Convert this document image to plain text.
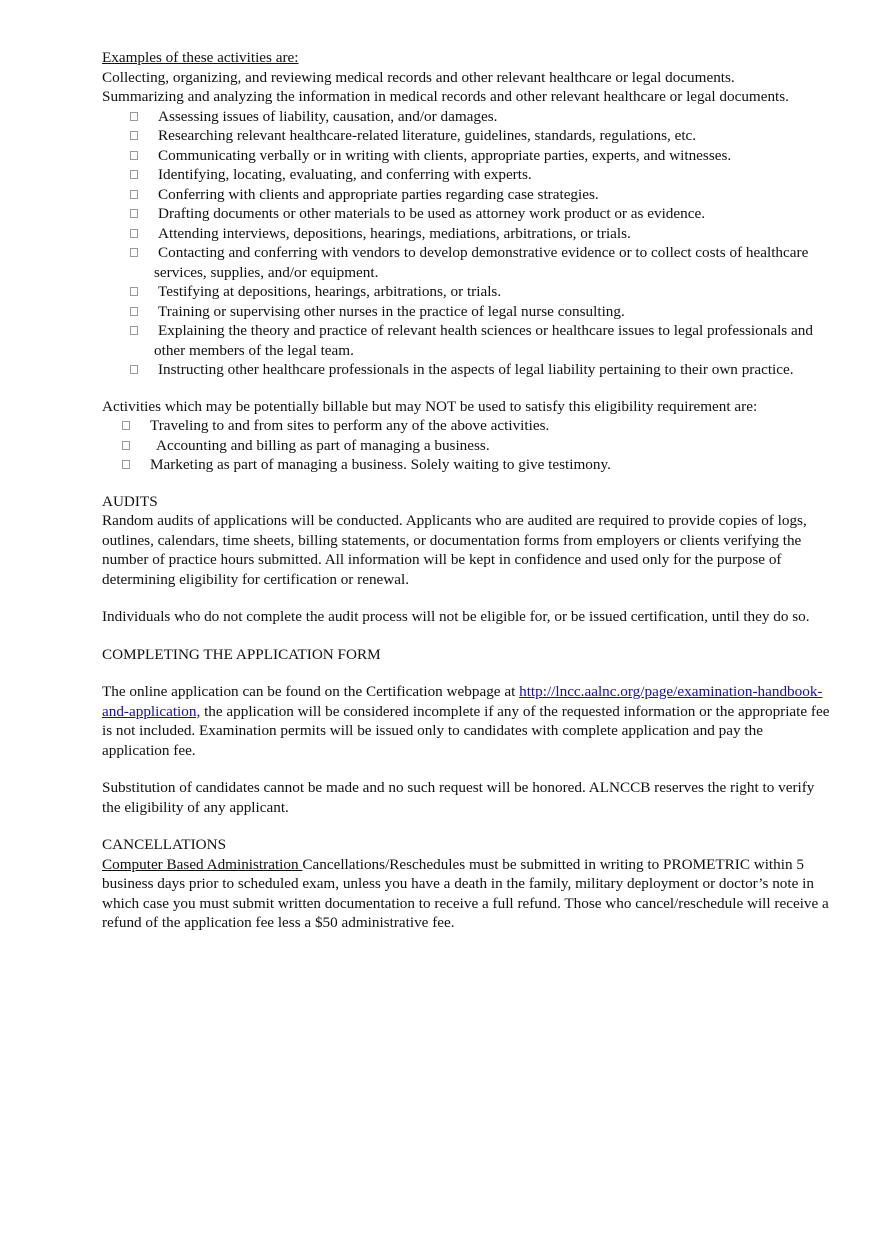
Examples of these activities are:

Collecting, organizing, and reviewing medical records and other relevant healthcare or legal documents.

Summarizing and analyzing the information in medical records and other relevant healthcare or legal documents.

Assessing issues of liability, causation, and/or damages.
Researching relevant healthcare-related literature, guidelines, standards, regulations, etc.
Communicating verbally or in writing with clients, appropriate parties, experts, and witnesses.
Identifying, locating, evaluating, and conferring with experts.
Conferring with clients and appropriate parties regarding case strategies.
Drafting documents or other materials to be used as attorney work product or as evidence.
Attending interviews, depositions, hearings, mediations, arbitrations, or trials.
Contacting and conferring with vendors to develop demonstrative evidence or to collect costs of healthcare services, supplies, and/or equipment.
Testifying at depositions, hearings, arbitrations, or trials.
Training or supervising other nurses in the practice of legal nurse consulting.
Explaining the theory and practice of relevant health sciences or healthcare issues to legal professionals and other members of the legal team.
Instructing other healthcare professionals in the aspects of legal liability pertaining to their own practice.

Activities which may be potentially billable but may NOT be used to satisfy this eligibility requirement are:

Traveling to and from sites to perform any of the above activities.
Accounting and billing as part of managing a business.
Marketing as part of managing a business. Solely waiting to give testimony.

AUDITS

Random audits of applications will be conducted. Applicants who are audited are required to provide copies of logs, outlines, calendars, time sheets, billing statements, or documentation forms from employers or clients verifying the number of practice hours submitted. All information will be kept in confidence and used only for the purpose of determining eligibility for certification or renewal.

Individuals who do not complete the audit process will not be eligible for, or be issued certification, until they do so.

COMPLETING THE APPLICATION FORM

The online application can be found on the Certification webpage at http://lncc.aalnc.org/page/examination-handbook-and-application, the application will be considered incomplete if any of the requested information or the appropriate fee is not included. Examination permits will be issued only to candidates with complete application and pay the application fee.

Substitution of candidates cannot be made and no such request will be honored. ALNCCB reserves the right to verify the eligibility of any applicant.

CANCELLATIONS

Computer Based Administration Cancellations/Reschedules must be submitted in writing to PROMETRIC within 5 business days prior to scheduled exam, unless you have a death in the family, military deployment or doctor’s note in which case you must submit written documentation to receive a full refund. Those who cancel/reschedule will receive a refund of the application fee less a $50 administrative fee.
